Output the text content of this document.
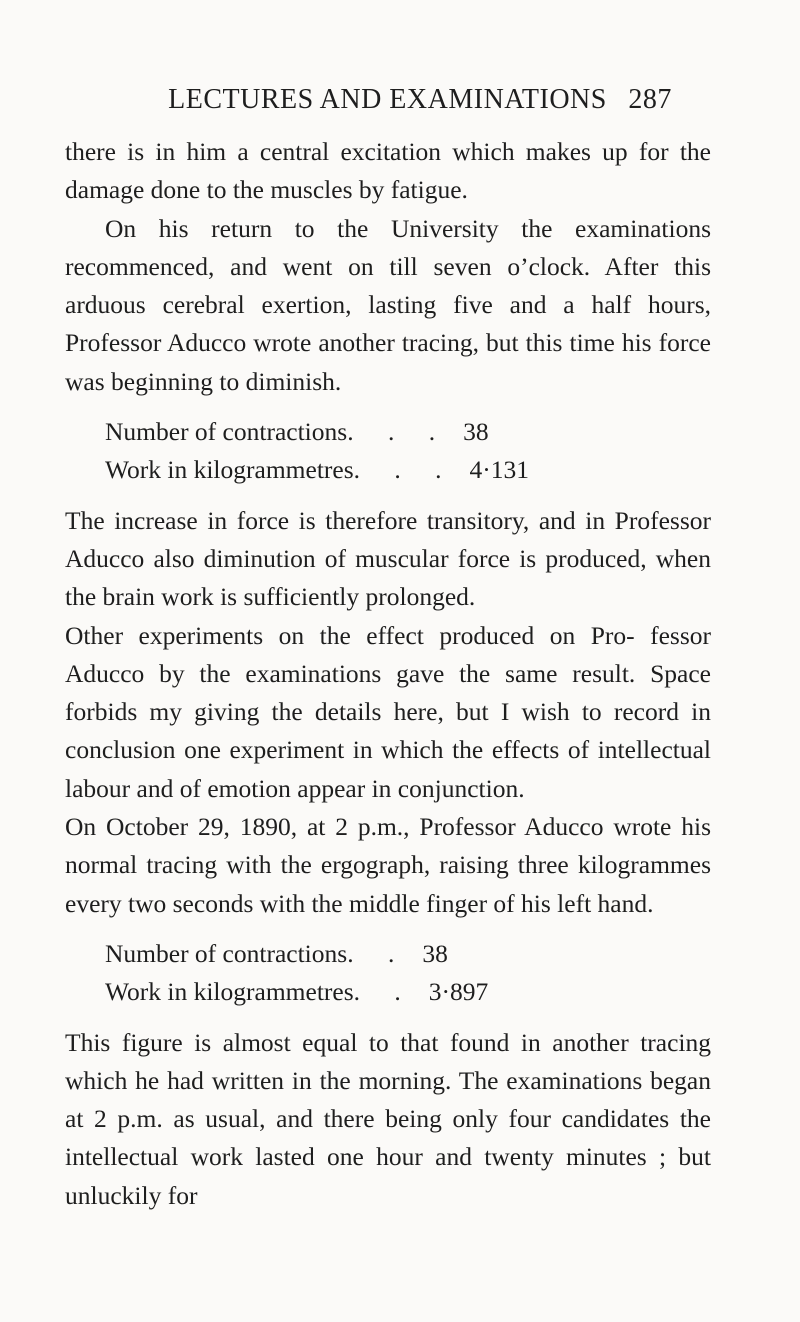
LECTURES AND EXAMINATIONS 287

there is in him a central excitation which makes up for the damage done to the muscles by fatigue.

On his return to the University the examinations recommenced, and went on till seven o’clock. After this arduous cerebral exertion, lasting five and a half hours, Professor Aducco wrote another tracing, but this time his force was beginning to diminish.

Number of contractions . . . 38
Work in kilogrammetres . . . 4·131

The increase in force is therefore transitory, and in Professor Aducco also diminution of muscular force is produced, when the brain work is sufficiently prolonged.

Other experiments on the effect produced on Pro- fessor Aducco by the examinations gave the same result. Space forbids my giving the details here, but I wish to record in conclusion one experiment in which the effects of intellectual labour and of emotion appear in conjunction.

On October 29, 1890, at 2 p.m., Professor Aducco wrote his normal tracing with the ergograph, raising three kilogrammes every two seconds with the middle finger of his left hand.

Number of contractions . . 38
Work in kilogrammetres . . 3·897

This figure is almost equal to that found in another tracing which he had written in the morning. The examinations began at 2 p.m. as usual, and there being only four candidates the intellectual work lasted one hour and twenty minutes ; but unluckily for
